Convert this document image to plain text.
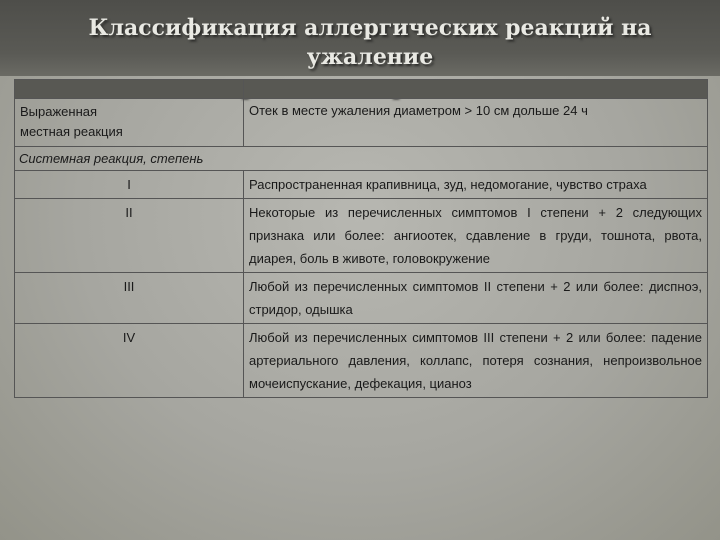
Классификация аллергических реакций на ужаление

Выраженная
местная реакция	Отек в месте ужаления диаметром > 10 см дольше 24 ч
Системная реакция, степень	
I	Распространенная крапивница, зуд, недомогание, чувство страха
II	Некоторые из перечисленных симптомов I степени + 2 следующих признака или более: ангиоотек, сдавление в груди, тошнота, рвота, диарея, боль в животе, головокружение
III	Любой из перечисленных симптомов II степени + 2 или более: диспноэ, стридор, одышка
IV	Любой из перечисленных симптомов III степени + 2 или более: падение артериального давления, коллапс, потеря сознания, непроизвольное мочеиспускание, дефекация, цианоз
